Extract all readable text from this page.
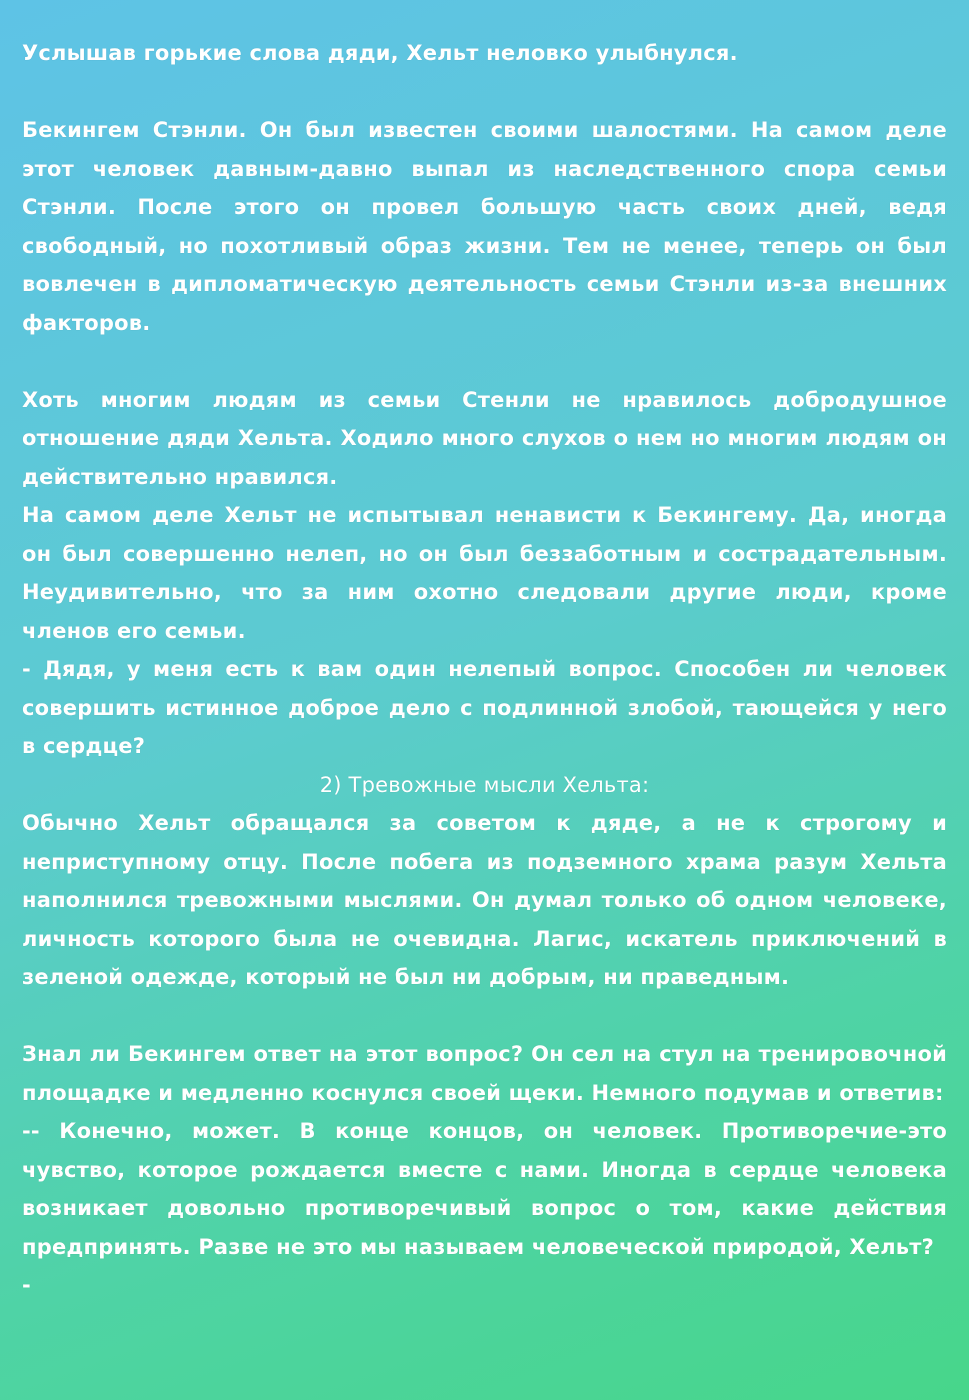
Услышав горькие слова дяди, Хельт неловко улыбнулся.

Бекингем Стэнли. Он был известен своими шалостями. На самом деле этот человек давным-давно выпал из наследственного спора семьи Стэнли. После этого он провел большую часть своих дней, ведя свободный, но похотливый образ жизни. Тем не менее, теперь он был вовлечен в дипломатическую деятельность семьи Стэнли из-за внешних факторов.

Хоть многим людям из семьи Стенли не нравилось добродушное отношение дяди Хельта. Ходило много слухов о нем но многим людям он действительно нравился.

На самом деле Хельт не испытывал ненависти к Бекингему. Да, иногда он был совершенно нелеп, но он был беззаботным и сострадательным. Неудивительно, что за ним охотно следовали другие люди, кроме членов его семьи.

- Дядя, у меня есть к вам один нелепый вопрос. Способен ли человек совершить истинное доброе дело с подлинной злобой, тающейся у него в сердце?

2) Тревожные мысли Хельта:

Обычно Хельт обращался за советом к дяде, а не к строгому и неприступному отцу. После побега из подземного храма разум Хельта наполнился тревожными мыслями. Он думал только об одном человеке, личность которого была не очевидна. Лагис, искатель приключений в зеленой одежде, который не был ни добрым, ни праведным.

Знал ли Бекингем ответ на этот вопрос? Он сел на стул на тренировочной площадке и медленно коснулся своей щеки. Немного подумав и ответив:

-- Конечно, может. В конце концов, он человек. Противоречие-это чувство, которое рождается вместе с нами. Иногда в сердце человека возникает довольно противоречивый вопрос о том, какие действия предпринять. Разве не это мы называем человеческой природой, Хельт?

-
